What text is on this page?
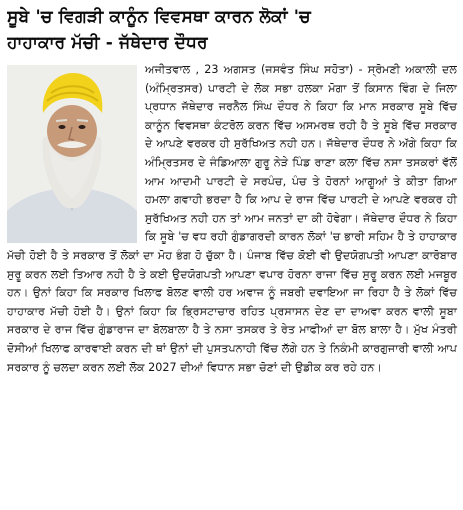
ਸੂਬੇ 'ਚ ਵਿਗੜੀ ਕਾਨੂੰਨ ਵਿਵਸਥਾ ਕਾਰਨ ਲੋਕਾਂ 'ਚ
ਹਾਹਾਕਾਰ ਮੱਚੀ - ਜੱਥੇਦਾਰ ਦੌਧਰ

ਅਜੀਤਵਾਲ , 23 ਅਗਸਤ (ਜਸਵੰਤ ਸਿੰਘ ਸਹੋਤਾ) - ਸ੍ਰੋਮਣੀ ਅਕਾਲੀ ਦਲ (ਅੰਮ੍ਰਿਤਸਰ) ਪਾਰਟੀ ਦੇ ਲੋਕ ਸਭਾ ਹਲਕਾ ਮੋਗਾ ਤੋਂ ਕਿਸਾਨ ਵਿੰਗ ਦੇ ਜਿਲਾ ਪ੍ਰਧਾਨ ਜੱਥੇਦਾਰ ਜਰਨੈਲ ਸਿੰਘ ਦੌਧਰ ਨੇ ਕਿਹਾ ਕਿ ਮਾਨ ਸਰਕਾਰ ਸੂਬੇ ਵਿੱਚ ਕਾਨੂੰਨ ਵਿਵਸਥਾ ਕੰਟਰੋਲ ਕਰਨ ਵਿੱਚ ਅਸਮਰਥ ਰਹੀ ਹੈ ਤੇ ਸੂਬੇ ਵਿੱਚ ਸਰਕਾਰ ਦੇ ਆਪਣੇ ਵਰਕਰ ਹੀ ਸੁਰੱਖਿਅਤ ਨਹੀ ਹਨ। ਜੱਥੇਦਾਰ ਦੌਧਰ ਨੇ ਅੱਗੇ ਕਿਹਾ ਕਿ ਅੰਮ੍ਰਿਤਸਰ ਦੇ ਜੰਡਿਆਲਾ ਗੁਰੂ ਨੇੜੇ ਪਿੰਡ ਰਾਣਾ ਕਲਾ ਵਿੱਚ ਨਸਾ ਤਸਕਰਾਂ ਵੱਲੋਂ ਆਮ ਆਦਮੀ ਪਾਰਟੀ ਦੇ ਸਰਪੰਚ, ਪੰਚ ਤੇ ਹੋਰਨਾਂ ਆਗੂਆਂ ਤੇ ਕੀਤਾ ਗਿਆ ਹਮਲਾ ਗਵਾਹੀ ਭਰਦਾ ਹੈ ਕਿ ਆਪ ਦੇ ਰਾਜ ਵਿੱਚ ਪਾਰਟੀ ਦੇ ਆਪਣੇ ਵਰਕਰ ਹੀ ਸੁਰੱਖਿਅਤ ਨਹੀ ਹਨ ਤਾਂ ਆਮ ਜਨਤਾਂ ਦਾ ਕੀ ਹੋਵੇਗਾ। ਜੱਥੇਦਾਰ ਦੌਧਰ ਨੇ ਕਿਹਾ ਕਿ ਸੂਬੇ 'ਚ ਵਧ ਰਹੀ ਗੁੰਡਾਗਰਦੀ ਕਾਰਨ ਲੋਕਾਂ 'ਚ ਭਾਰੀ ਸਹਿਮ ਹੈ ਤੇ ਹਾਹਾਕਾਰ ਮੱਚੀ ਹੋਈ ਹੈ ਤੇ ਸਰਕਾਰ ਤੋਂ ਲੋਕਾਂ ਦਾ ਮੋਹ ਭੰਗ ਹੋ ਚੁੱਕਾ ਹੈ। ਪੰਜਾਬ ਵਿੱਚ ਕੋਈ ਵੀ ਉਦਯੋਗਪਤੀ ਆਪਣਾ ਕਾਰੋਬਾਰ ਸੁਰੂ ਕਰਨ ਲਈ ਤਿਆਰ ਨਹੀ ਹੈ ਤੇ ਕਈ ਉਦਯੋਗਪਤੀ ਆਪਣਾ ਵਪਾਰ ਹੋਰਨਾ ਰਾਜਾ ਵਿੱਚ ਸੁਰੂ ਕਰਨ ਲਈ ਮਜਬੂਰ ਹਨ। ਉਨਾਂ ਕਿਹਾ ਕਿ ਸਰਕਾਰ ਖਿਲਾਫ ਬੋਲਣ ਵਾਲੀ ਹਰ ਅਵਾਜ ਨੂੰ ਜਬਰੀ ਦਵਾਇਆ ਜਾ ਰਿਹਾ ਹੈ ਤੇ ਲੋਕਾਂ ਵਿੱਚ ਹਾਹਾਕਾਰ ਮੱਚੀ ਹੋਈ ਹੈ। ਉਨਾਂ ਕਿਹਾ ਕਿ ਭ੍ਰਿਸਟਾਚਾਰ ਰਹਿਤ ਪ੍ਰਸਾਸਨ ਦੇਣ ਦਾ ਦਾਅਵਾ ਕਰਨ ਵਾਲੀ ਸੂਬਾ ਸਰਕਾਰ ਦੇ ਰਾਜ ਵਿੱਚ ਗੁੰਡਾਰਾਜ ਦਾ ਬੋਲਬਾਲਾ ਹੈ ਤੇ ਨਸਾ ਤਸਕਰ ਤੇ ਰੇਤ ਮਾਫੀਆਂ ਦਾ ਬੋਲ ਬਾਲਾ ਹੈ। ਮੁੱਖ ਮੰਤਰੀ ਦੋਸੀਆਂ ਖਿਲਾਫ ਕਾਰਵਾਈ ਕਰਨ ਦੀ ਥਾਂ ਉਨਾਂ ਦੀ ਪੁਸਤਪਨਾਹੀ ਵਿੱਚ ਲੱਗੇ ਹਨ ਤੇ ਨਿਕੰਮੀ ਕਾਰਗੁਜਾਰੀ ਵਾਲੀ ਆਪ ਸਰਕਾਰ ਨੂੰ ਚਲਦਾ ਕਰਨ ਲਈ ਲੋਕ 2027 ਦੀਆਂ ਵਿਧਾਨ ਸਭਾ ਚੋਣਾਂ ਦੀ ਉਡੀਕ ਕਰ ਰਹੇ ਹਨ।
